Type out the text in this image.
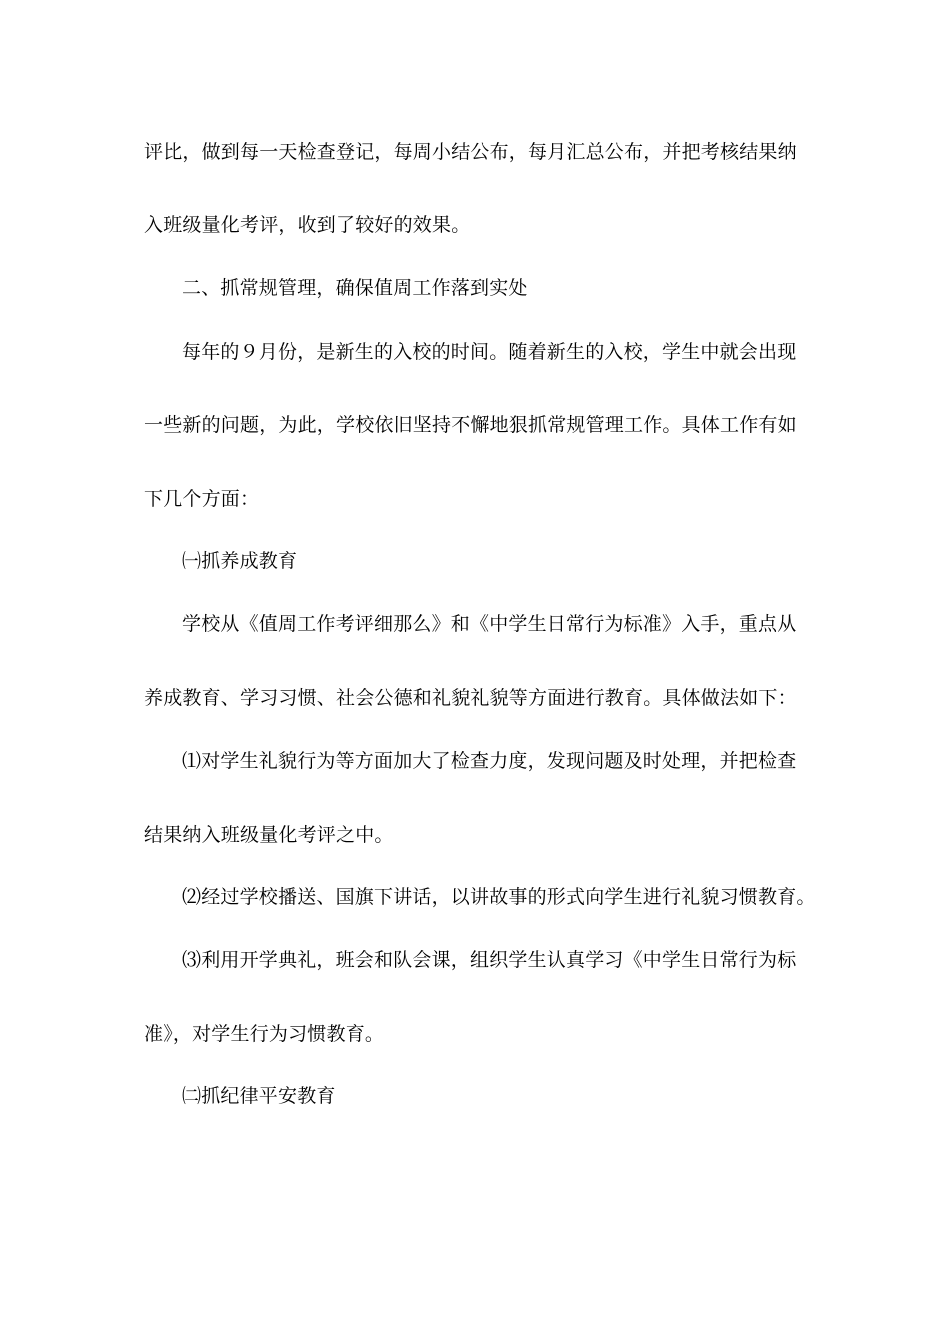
评比，做到每一天检查登记，每周小结公布，每月汇总公布，并把考核结果纳
入班级量化考评，收到了较好的效果。
二、抓常规管理，确保值周工作落到实处
每年的９月份，是新生的入校的时间。随着新生的入校，学生中就会出现
一些新的问题，为此，学校依旧坚持不懈地狠抓常规管理工作。具体工作有如
下几个方面：
㈠抓养成教育
学校从《值周工作考评细那么》和《中学生日常行为标准》入手，重点从
养成教育、学习习惯、社会公德和礼貌礼貌等方面进行教育。具体做法如下：
⑴对学生礼貌行为等方面加大了检查力度，发现问题及时处理，并把检查
结果纳入班级量化考评之中。
⑵经过学校播送、国旗下讲话，以讲故事的形式向学生进行礼貌习惯教育。
⑶利用开学典礼，班会和队会课，组织学生认真学习《中学生日常行为标
准》，对学生行为习惯教育。
㈡抓纪律平安教育
